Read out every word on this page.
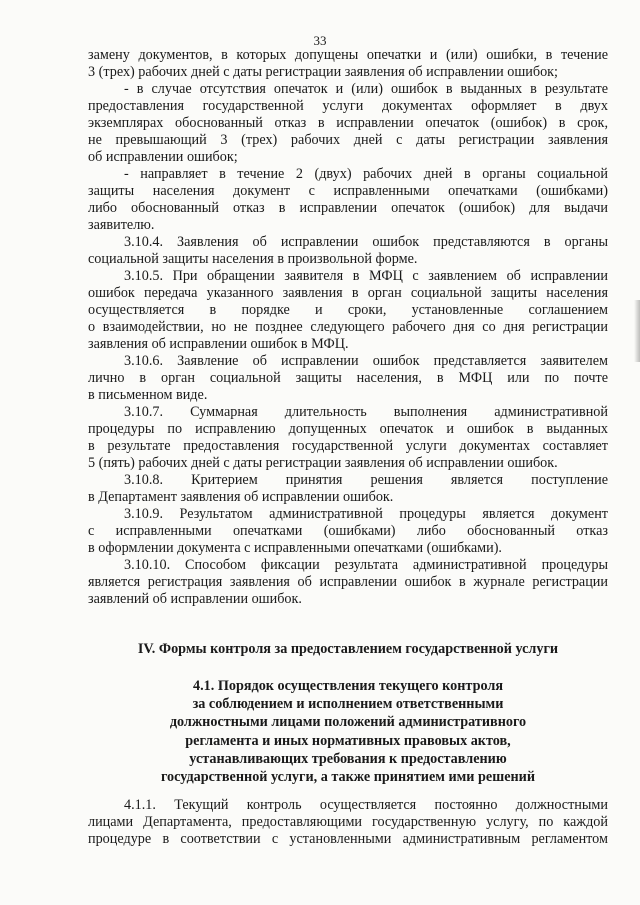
33
замену документов, в которых допущены опечатки и (или) ошибки, в течение
3 (трех) рабочих дней с даты регистрации заявления об исправлении ошибок;
- в случае отсутствия опечаток и (или) ошибок в выданных в результате
предоставления государственной услуги документах оформляет в двух
экземплярах обоснованный отказ в исправлении опечаток (ошибок) в срок,
не превышающий 3 (трех) рабочих дней с даты регистрации заявления
об исправлении ошибок;
- направляет в течение 2 (двух) рабочих дней в органы социальной
защиты населения документ с исправленными опечатками (ошибками)
либо обоснованный отказ в исправлении опечаток (ошибок) для выдачи
заявителю.
3.10.4. Заявления об исправлении ошибок представляются в органы
социальной защиты населения в произвольной форме.
3.10.5. При обращении заявителя в МФЦ с заявлением об исправлении
ошибок передача указанного заявления в орган социальной защиты населения
осуществляется в порядке и сроки, установленные соглашением
о взаимодействии, но не позднее следующего рабочего дня со дня регистрации
заявления об исправлении ошибок в МФЦ.
3.10.6. Заявление об исправлении ошибок представляется заявителем
лично в орган социальной защиты населения, в МФЦ или по почте
в письменном виде.
3.10.7. Суммарная длительность выполнения административной
процедуры по исправлению допущенных опечаток и ошибок в выданных
в результате предоставления государственной услуги документах составляет
5 (пять) рабочих дней с даты регистрации заявления об исправлении ошибок.
3.10.8. Критерием принятия решения является поступление
в Департамент заявления об исправлении ошибок.
3.10.9. Результатом административной процедуры является документ
с исправленными опечатками (ошибками) либо обоснованный отказ
в оформлении документа с исправленными опечатками (ошибками).
3.10.10. Способом фиксации результата административной процедуры
является регистрация заявления об исправлении ошибок в журнале регистрации
заявлений об исправлении ошибок.
IV. Формы контроля за предоставлением государственной услуги
4.1. Порядок осуществления текущего контроля
за соблюдением и исполнением ответственными
должностными лицами положений административного
регламента и иных нормативных правовых актов,
устанавливающих требования к предоставлению
государственной услуги, а также принятием ими решений
4.1.1. Текущий контроль осуществляется постоянно должностными
лицами Департамента, предоставляющими государственную услугу, по каждой
процедуре в соответствии с установленными административным регламентом
